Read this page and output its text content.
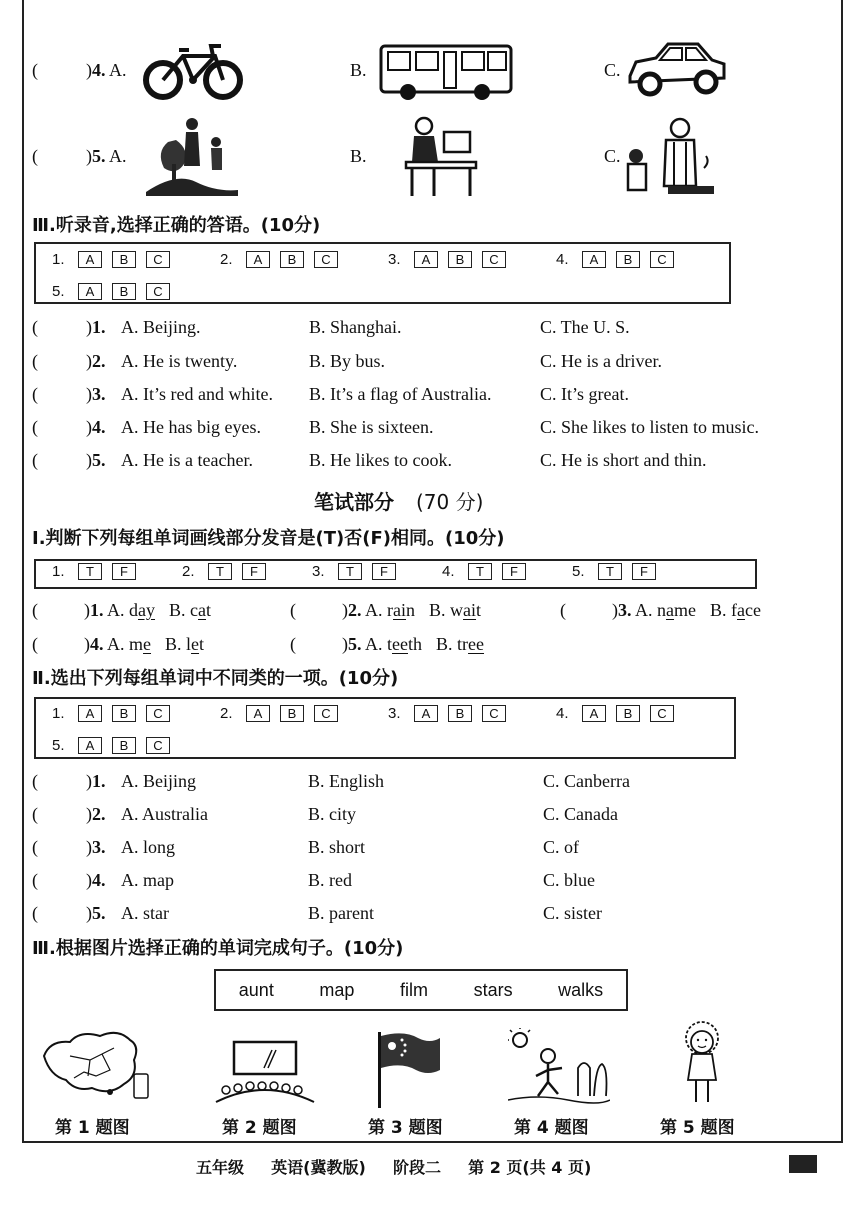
(	)4. A.	B.	C.
(	)5. A.	B.	C.
Ⅲ.听录音,选择正确的答语。(10分)
1.	A	B	C	2.	A	B	C	3.	A	B	C	4.	A	B	C
5.	A	B	C
(	)1. A. Beijing.	B. Shanghai.	C. The U. S.
(	)2. A. He is twenty.	B. By bus.	C. He is a driver.
(	)3. A. It’s red and white. B. It’s a flag of Australia.	C. It’s great.
(	)4. A. He has big eyes.	B. She is sixteen.	C. She likes to listen to music.
(	)5. A. He is a teacher.	B. He likes to cook.	C. He is short and thin.
笔试部分 (70 分)
Ⅰ.判断下列每组单词画线部分发音是(T)否(F)相同。(10分)
1.	T	F	2.	T	F	3.	T	F	4.	T	F	5.	T	F
(	)1. A. day B. cat	(	)2. A. rain B. wait	(	)3. A. name B. face
(	)4. A. me B. let	(	)5. A. teeth B. tree
Ⅱ.选出下列每组单词中不同类的一项。(10分)
1.	A	B	C	2.	A	B	C	3.	A	B	C	4.	A	B	C
5.	A	B	C
(	)1. A. Beijing	B. English	C. Canberra
(	)2. A. Australia	B. city	C. Canada
(	)3. A. long	B. short	C. of
(	)4. A. map	B. red	C. blue
(	)5. A. star	B. parent	C. sister
Ⅲ.根据图片选择正确的单词完成句子。(10分)
aunt	map	film	stars	walks
第 1 题图	第 2 题图	第 3 题图	第 4 题图	第 5 题图
五年级 英语(冀教版) 阶段二 第 2 页(共 4 页)
